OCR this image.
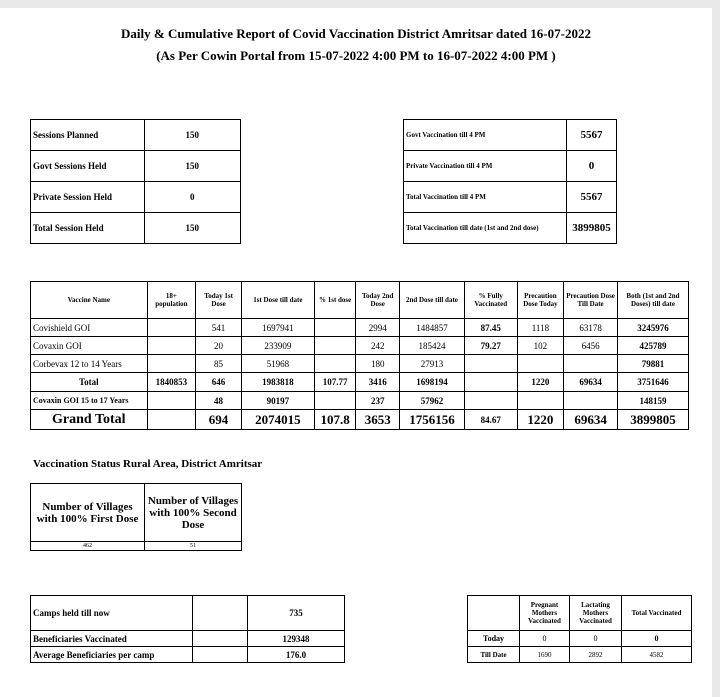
Daily & Cumulative Report of Covid Vaccination District Amritsar dated 16-07-2022
(As Per Cowin Portal from 15-07-2022 4:00 PM to 16-07-2022 4:00 PM )
Sessions Planned	150
Govt Sessions Held	150
Private Session Held	0
Total Session Held	150
Govt Vaccination till 4 PM	5567
Private Vaccination till 4 PM	0
Total Vaccination till 4 PM	5567
Total Vaccination till date (1st and 2nd dose)	3899805
Vaccine Name	18+ population	Today 1st Dose	1st Dose till date	% 1st dose	Today 2nd Dose	2nd Dose till date	% Fully Vaccinated	Precaution Dose Today	Precaution Dose Till Date	Both (1st and 2nd Doses) till date
Covishield GOI		541	1697941		2994	1484857	87.45	1118	63178	3245976
Covaxin GOI		20	233909		242	185424	79.27	102	6456	425789
Corbevax 12 to 14 Years		85	51968		180	27913				79881
Total	1840853	646	1983818	107.77	3416	1698194		1220	69634	3751646
Covaxin GOI 15 to 17 Years		48	90197		237	57962				148159
Grand Total		694	2074015	107.8	3653	1756156	84.67	1220	69634	3899805
Vaccination Status Rural Area, District Amritsar
Number of Villages with 100% First Dose	Number of Villages with 100% Second Dose
462	51
Camps held till now		735
Beneficiaries Vaccinated		129348
Average Beneficiaries per camp		176.0
	Pregnant Mothers Vaccinated	Lactating Mothers Vaccinated	Total Vaccinated
Today	0	0	0
Till Date	1690	2892	4582
